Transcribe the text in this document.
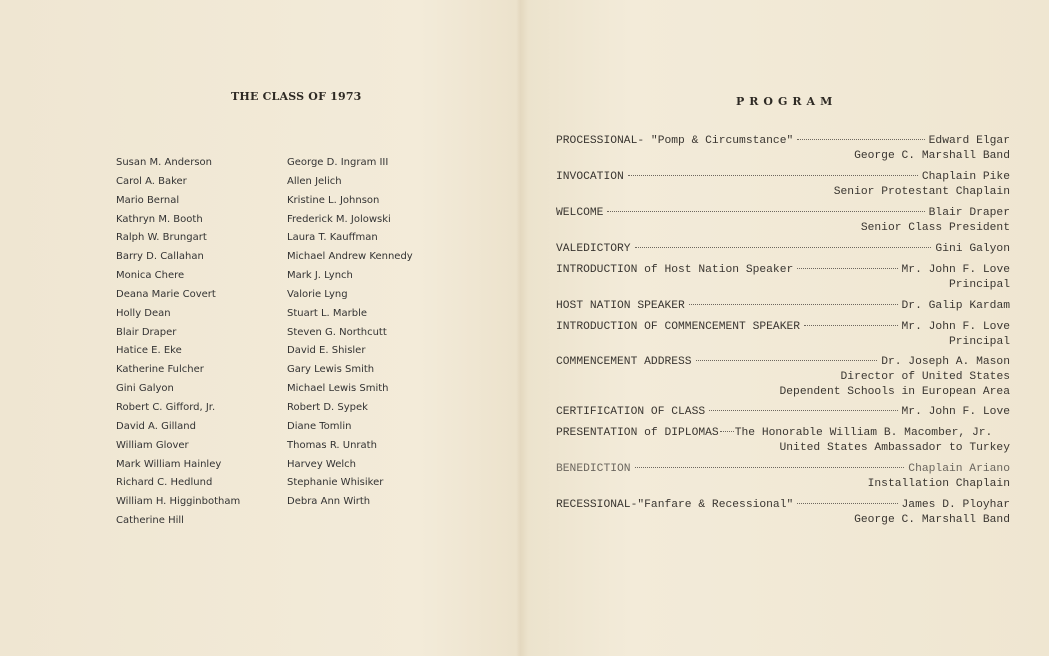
THE CLASS OF 1973
Susan M. Anderson
Carol A. Baker
Mario Bernal
Kathryn M. Booth
Ralph W. Brungart
Barry D. Callahan
Monica Chere
Deana Marie Covert
Holly Dean
Blair Draper
Hatice E. Eke
Katherine Fulcher
Gini Galyon
Robert C. Gifford, Jr.
David A. Gilland
William Glover
Mark William Hainley
Richard C. Hedlund
William H. Higginbotham
Catherine Hill
George D. Ingram III
Allen Jelich
Kristine L. Johnson
Frederick M. Jolowski
Laura T. Kauffman
Michael Andrew Kennedy
Mark J. Lynch
Valorie Lyng
Stuart L. Marble
Steven G. Northcutt
David E. Shisler
Gary Lewis Smith
Michael Lewis Smith
Robert D. Sypek
Diane Tomlin
Thomas R. Unrath
Harvey Welch
Stephanie Whisiker
Debra Ann Wirth
PROGRAM
PROCESSIONAL- "Pomp & Circumstance"	Edward Elgar
George C. Marshall Band
INVOCATION	Chaplain Pike
Senior Protestant Chaplain
WELCOME	Blair Draper
Senior Class President
VALEDICTORY	Gini Galyon
INTRODUCTION of Host Nation Speaker	Mr. John F. Love
Principal
HOST NATION SPEAKER	Dr. Galip Kardam
INTRODUCTION OF COMMENCEMENT SPEAKER	Mr. John F. Love
Principal
COMMENCEMENT ADDRESS	Dr. Joseph A. Mason
Director of United States
Dependent Schools in European Area
CERTIFICATION OF CLASS	Mr. John F. Love
PRESENTATION of DIPLOMAS The Honorable William B. Macomber, Jr.
United States Ambassador to Turkey
BENEDICTION	Chaplain Ariano
Installation Chaplain
RECESSIONAL-"Fanfare & Recessional"	James D. Ployhar
George C. Marshall Band
